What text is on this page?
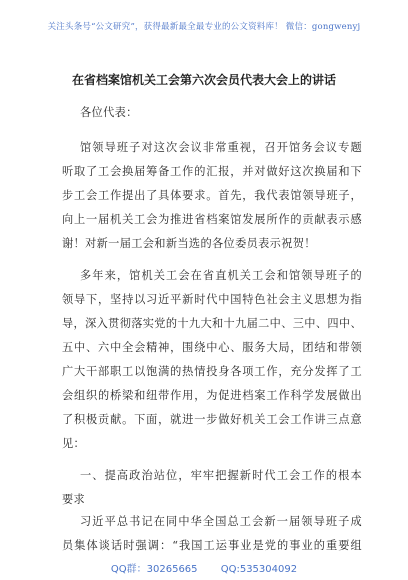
关注头条号“公文研究”，获得最新最全最专业的公文资料库！ 微信：gongwenyj
在省档案馆机关工会第六次会员代表大会上的讲话
各位代表：
馆领导班子对这次会议非常重视，召开馆务会议专题
听取了工会换届筹备工作的汇报，并对做好这次换届和下
步工会工作提出了具体要求。首先，我代表馆领导班子，
向上一届机关工会为推进省档案馆发展所作的贡献表示感
谢！对新一届工会和新当选的各位委员表示祝贺！
多年来，馆机关工会在省直机关工会和馆领导班子的
领导下，坚持以习近平新时代中国特色社会主义思想为指
导，深入贯彻落实党的十九大和十九届二中、三中、四中、
五中、六中全会精神，围绕中心、服务大局，团结和带领
广大干部职工以饱满的热情投身各项工作，充分发挥了工
会组织的桥梁和纽带作用，为促进档案工作科学发展做出
了积极贡献。下面，就进一步做好机关工会工作讲三点意
见：
一、提高政治站位，牢牢把握新时代工会工作的根本
要求
QQ群：30265665 QQ:535304092
习近平总书记在同中华全国总工会新一届领导班子成
员集体谈话时强调：“我国工运事业是党的事业的重要组
